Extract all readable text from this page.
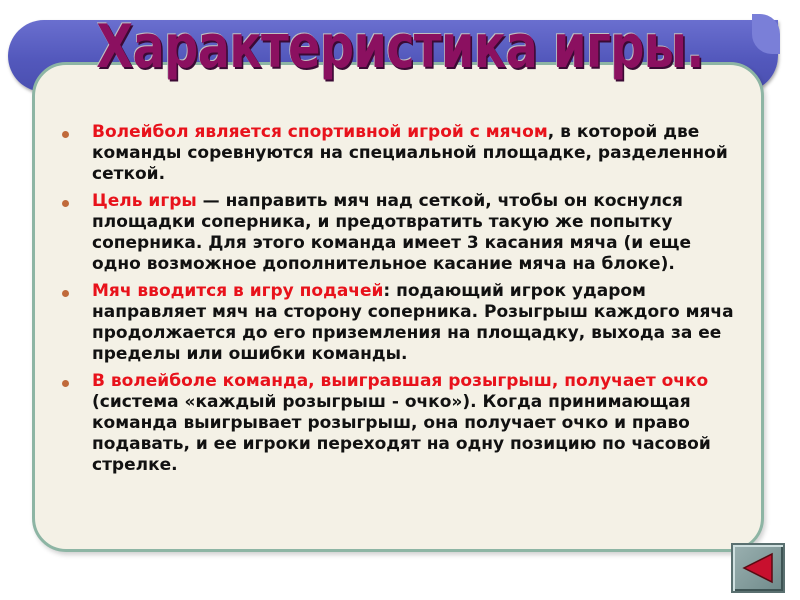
Характеристика игры.
Волейбол является спортивной игрой с мячом, в которой две команды соревнуются на специальной площадке, разделенной сеткой.
Цель игры — направить мяч над сеткой, чтобы он коснулся площадки соперника, и предотвратить такую же попытку соперника. Для этого команда имеет 3 касания мяча (и еще одно возможное дополнительное касание мяча на блоке).
Мяч вводится в игру подачей: подающий игрок ударом направляет мяч на сторону соперника. Розыгрыш каждого мяча продолжается до его приземления на площадку, выхода за ее пределы или ошибки команды.
В волейболе команда, выигравшая розыгрыш, получает очко (система «каждый розыгрыш - очко»). Когда принимающая команда выигрывает розыгрыш, она получает очко и право подавать, и ее игроки переходят на одну позицию по часовой стрелке.
